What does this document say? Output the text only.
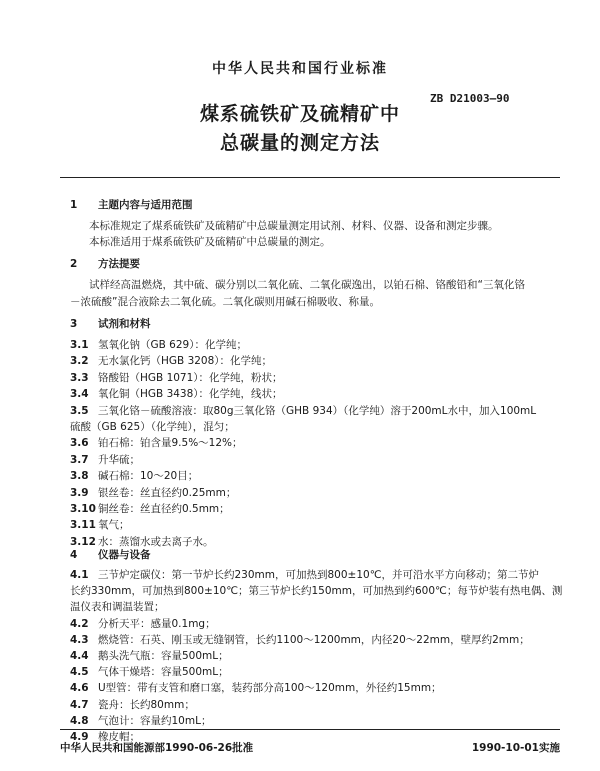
中华人民共和国行业标准
ZB D21003—90
煤系硫铁矿及硫精矿中
总碳量的测定方法
1 主题内容与适用范围
本标准规定了煤系硫铁矿及硫精矿中总碳量测定用试剂、材料、仪器、设备和测定步骤。
本标准适用于煤系硫铁矿及硫精矿中总碳量的测定。
2 方法提要
试样经高温燃烧，其中硫、碳分别以二氧化硫、二氧化碳逸出，以铂石棉、铬酸铅和“三氧化铬
－浓硫酸”混合液除去二氧化硫。二氧化碳则用碱石棉吸收、称量。
3 试剂和材料
3.1 氢氧化钠（GB 629）：化学纯；
3.2 无水氯化钙（HGB 3208）：化学纯；
3.3 铬酸铅（HGB 1071）：化学纯，粉状；
3.4 氧化铜（HGB 3438）：化学纯，线状；
3.5 三氧化铬－硫酸溶液：取80g三氧化铬（GHB 934）（化学纯）溶于200mL水中，加入100mL
硫酸（GB 625）（化学纯），混匀；
3.6 铂石棉：铂含量9.5%～12%；
3.7 升华硫；
3.8 碱石棉：10～20目；
3.9 银丝卷：丝直径约0.25mm；
3.10 铜丝卷：丝直径约0.5mm；
3.11 氧气；
3.12 水：蒸馏水或去离子水。
4 仪器与设备
4.1 三节炉定碳仪：第一节炉长约230mm，可加热到800±10℃，并可沿水平方向移动；第二节炉
长约330mm，可加热到800±10℃；第三节炉长约150mm，可加热到约600℃；每节炉装有热电偶、测
温仪表和调温装置；
4.2 分析天平：感量0.1mg；
4.3 燃烧管：石英、刚玉或无缝钢管，长约1100～1200mm，内径20～22mm，壁厚约2mm；
4.4 鹅头洗气瓶：容量500mL；
4.5 气体干燥塔：容量500mL；
4.6 U型管：带有支管和磨口塞，装药部分高100～120mm，外径约15mm；
4.7 瓷舟：长约80mm；
4.8 气泡计：容量约10mL；
4.9 橡皮帽；
中华人民共和国能源部1990-06-26批准	1990-10-01实施
